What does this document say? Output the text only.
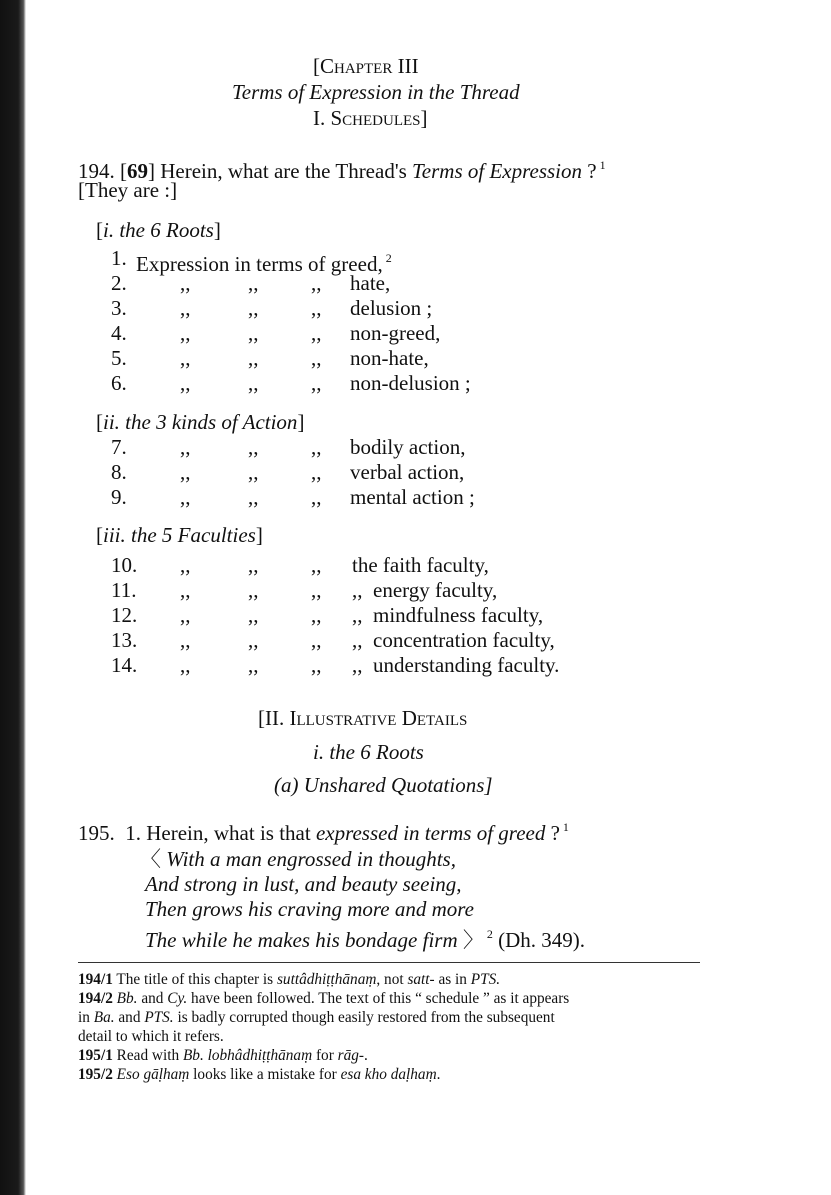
[Chapter III
Terms of Expression in the Thread
I. Schedules]
194. [69] Herein, what are the Thread's Terms of Expression ? $^1$
[They are :]
[i. the 6 Roots]
1. Expression in terms of greed, $^2$
2.	,,	,,	,, hate,
3.	,,	,,	,, delusion ;
4.	,,	,,	,, non-greed,
5.	,,	,,	,, non-hate,
6.	,,	,,	,, non-delusion ;
[ii. the 3 kinds of Action]
7.	,,	,,	,, bodily action,
8.	,,	,,	,, verbal action,
9.	,,	,,	,, mental action ;
[iii. the 5 Faculties]
10. ,,	,,	,, the faith faculty,
11. ,,	,,	,, ,,  energy faculty,
12. ,,	,,	,, ,,  mindfulness faculty,
13. ,,	,,	,, ,,  concentration faculty,
14. ,,	,,	,, ,,  understanding faculty.
[II. Illustrative Details
i. the 6 Roots
(a) Unshared Quotations]
195. 1. Herein, what is that expressed in terms of greed ? $^1$
〈 With a man engrossed in thoughts,
And strong in lust, and beauty seeing,
Then grows his craving more and more
The while he makes his bondage firm 〉 $^2$ (Dh. 349).
194/1 The title of this chapter is suttâdhiṭṭhānaṃ, not satt- as in PTS.
194/2 Bb. and Cy. have been followed. The text of this “ schedule ” as it appears
in Ba. and PTS. is badly corrupted though easily restored from the subsequent
detail to which it refers.
195/1 Read with Bb. lobhâdhiṭṭhānaṃ for rāg-.
195/2 Eso gāḷhaṃ looks like a mistake for esa kho daḷhaṃ.
